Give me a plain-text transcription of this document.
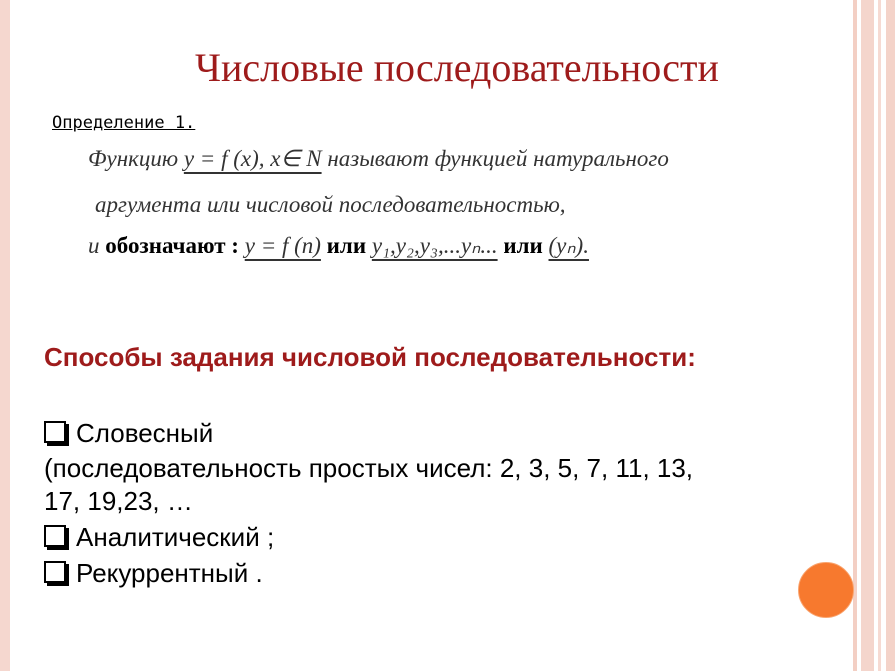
Числовые последовательности
Определение 1.
Функцию y = f (x), x∈ N называют функцией натурального
аргумента или числовой последовательностью,
и обозначают : y = f (n) или y₁,y₂,y₃,...yₙ... или (yₙ).
Способы задания числовой последовательности:
Словесный
(последовательность простых чисел: 2, 3, 5, 7, 11, 13,
17, 19,23, …
Аналитический ;
Рекуррентный .
